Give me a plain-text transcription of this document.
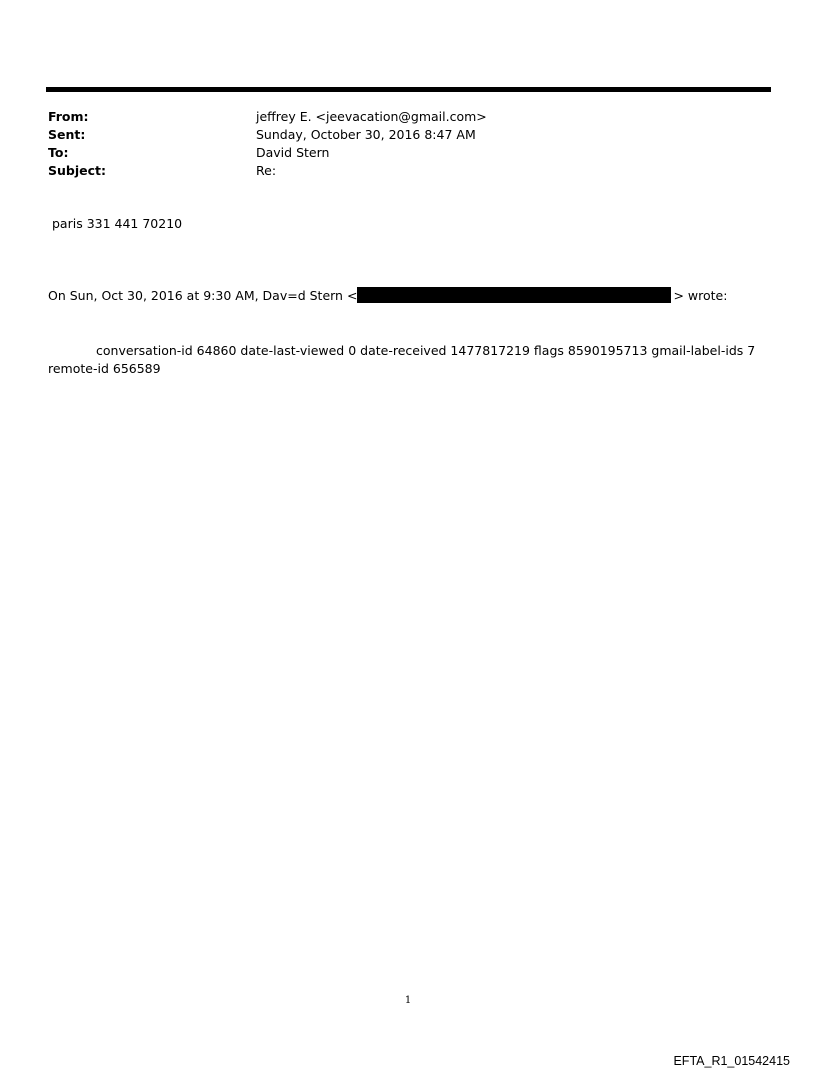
From:	jeffrey E. <jeevacation@gmail.com>
Sent:	Sunday, October 30, 2016 8:47 AM
To:	David Stern
Subject:	Re:
paris 331 441 70210
On Sun, Oct 30, 2016 at 9:30 AM, Dav=d Stern <	> wrote:
conversation-id 64860 date-last-viewed 0 date-received 1477817219 flags 8590195713 gmail-label-ids 7 remote-id 656589
1
EFTA_R1_01542415
